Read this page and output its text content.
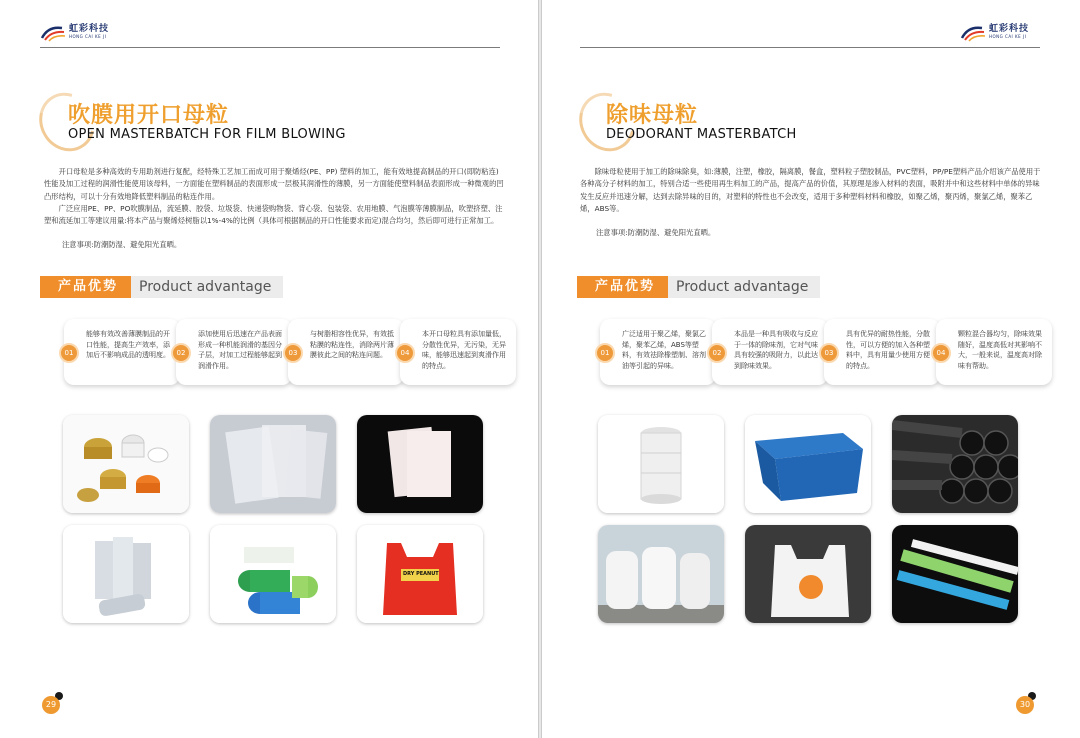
虹彩科技
HONG CAI KE JI
吹膜用开口母粒
OPEN MASTERBATCH FOR FILM BLOWING

开口母粒是多种高效的专用助剂进行复配，经特殊工艺加工而成可用于聚烯烃(PE、PP) 塑料的加工，能有效地提高制品的开口(即防粘连)性能及加工过程的润滑性能使用该母料，一方面能在塑料制品的表面形成一层极其润滑性的薄膜，另一方面能使塑料制品表面形成一种微观的凹凸形结构，可以十分有效地降低塑料制品的粘连作用。

广泛应用PE、PP、PO吹膜制品，流延膜、胶袋、垃圾袋、快递袋购物袋、背心袋、包装袋、农用地膜、气泡膜等薄膜制品，吹塑挤塑、注塑和流延加工等建议用量:将本产品与聚烯烃树脂以1%-4%的比例（具体可根据制品的开口性能要求而定)混合均匀，然后即可进行正常加工。

注意事项:防潮防湿、避免阳光直晒。
产品优势	Product advantage
01
能够有效改善薄膜制品的开口性能，提高生产效率，添加后不影响成品的透明度。 02
添加使用后迅速在产品表面形成一种机能润滑的基因分子层，对加工过程能够起到润滑作用。
03
与树脂相容性优异，有效抵粘膜的粘连性，消除两片薄膜彼此之间的粘连问题。	04
本开口母粒具有添加量低，分散性优异，无污染，无异味，能够迅速起到爽滑作用的特点。
DRY PEANUT
29
虹彩科技
HONG CAI KE JI
除味母粒
DEODORANT MASTERBATCH

除味母粒使用于加工的除味除臭，如:薄膜，注塑，橡胶，隔离膜，餐盒，塑料粒子塑胶制品，PVC塑料，PP/PE塑料产品介绍该产品使用于各种高分子材料的加工，特别合适一些使用再生料加工的产品，提高产品的价值，其原理是渗入材料的表面，吸附并中和这些材料中单体的异味发生反应并迅速分解，达到去除异味的目的，对塑料的特性也不会改变，适用于多种塑料材料和橡胶，如聚乙烯，聚丙烯，聚氯乙烯，聚苯乙烯，ABS等。

注意事项:防潮防湿、避免阳光直晒。
产品优势	Product advantage
01
广泛适用于聚乙烯，聚氯乙烯，聚苯乙烯，ABS等塑料，有效祛除橡塑制、溶剂油等引起的异味。
02
本品是一种具有吸收与反应于一体的除味剂，它对气味具有较强的吸附力，以此达到除味效果。
03
具有优异的耐热性能，分散性，可以方便的加入各种塑料中，具有用量少使用方便的特点。
04
颗粒混合器均匀，除味效果随好，温度高低对其影响不大，一般来说，温度高对除味有帮助。
30
